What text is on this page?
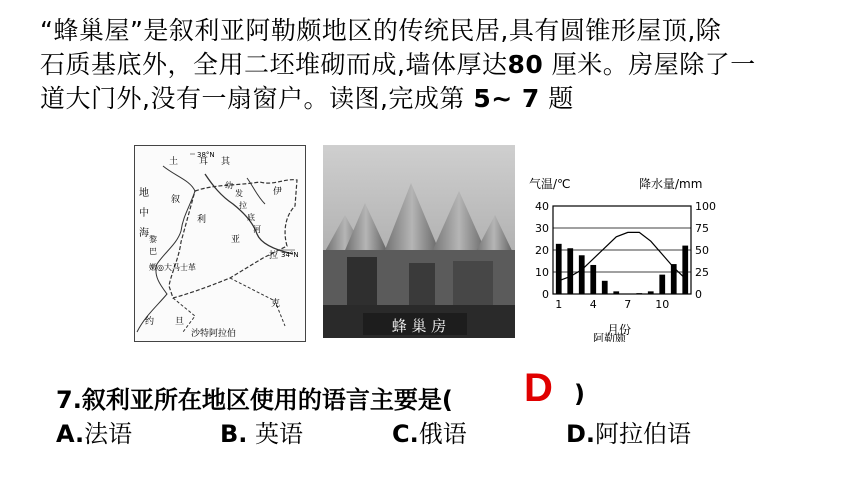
“蜂巢屋”是叙利亚阿勒颇地区的传统民居,具有圆锥形屋顶,除
石质基底外，全用二坯堆砌而成,墙体厚达80 厘米。房屋除了一
道大门外,没有一扇窗户。读图,完成第 5~ 7 题
38°N
34°N
土 耳 其
伊
拉
克
地
中
海
叙
利
亚
幼
发
拉
底
河
黎
巴
嫩
约 旦
◎大马士革
沙特阿拉伯	蜂 巢 房
气温/℃	降水量/mm
0
10
20
30
40
0
25
50
75
100
1	4	7 10
月份
阿勒颇
7.叙利亚所在地区使用的语言主要是( D )
A.法语	B. 英语	C.俄语	D.阿拉伯语
